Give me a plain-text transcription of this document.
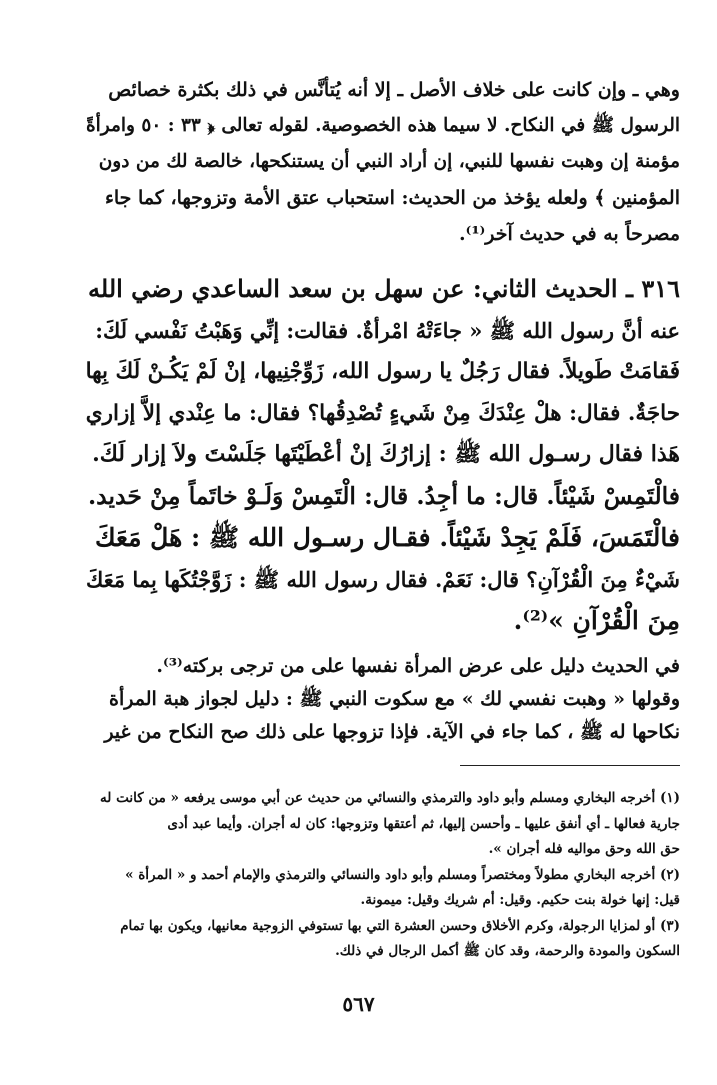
وهي ـ وإن كانت على خلاف الأصل ـ إلا أنه يُتأنَّس في ذلك بكثرة خصائص
الرسول ﷺ في النكاح. لا سيما هذه الخصوصية. لقوله تعالى ﴿ ٣٣ : ٥٠ وامرأةً
مؤمنة إن وهبت نفسها للنبي، إن أراد النبي أن يستنكحها، خالصة لك من دون
المؤمنين ﴾ ولعله يؤخذ من الحديث: استحباب عتق الأمة وتزوجها، كما جاء
مصرحاً به في حديث آخر⁽¹⁾.
٣١٦ ـ الحديث الثاني: عن سهل بن سعد الساعدي رضي الله
عنه أنَّ رسول الله ﷺ « جاءَتْهُ امْرأةٌ. فقالت: إنِّي وَهَبْتُ نَفْسي لَكَ:
فَقامَتْ طَويلاً. فقال رَجُلٌ يا رسول الله، زَوِّجْنِيها، إنْ لَمْ يَكُـنْ لَكَ بِها
حاجَةٌ. فقال: هلْ عِنْدَكَ مِنْ شَيءٍ تُصْدِقُها؟ فقال: ما عِنْدي إلاَّ إزاري
هَذا فقال رسـول الله ﷺ : إزارُكَ إنْ أعْطَيْتَها جَلَسْتَ ولاَ إزار لَكَ.
فالْتَمِسْ شَيْئاً. قال: ما أجِدُ. قال: الْتَمِسْ وَلَـوْ خاتَماً مِنْ حَديد.
فالْتَمَسَ، فَلَمْ يَجِدْ شَيْئاً. فقـال رسـول الله ﷺ : هَلْ مَعَكَ
شَيْءٌ مِنَ الْقُرْآنِ؟ قال: نَعَمْ. فقال رسول الله ﷺ : زَوَّجْتُكَها بِما مَعَكَ
مِنَ الْقُرْآنِ »⁽²⁾.
في الحديث دليل على عرض المرأة نفسها على من ترجى بركته⁽³⁾.
وقولها « وهبت نفسي لك » مع سكوت النبي ﷺ : دليل لجواز هبة المرأة
نكاحها له ﷺ ، كما جاء في الآية. فإذا تزوجها على ذلك صح النكاح من غير
(١) أخرجه البخاري ومسلم وأبو داود والترمذي والنسائي من حديث عن أبي موسى يرفعه « من كانت له
جارية فعالها ـ أي أنفق عليها ـ وأحسن إليها، ثم أعتقها وتزوجها: كان له أجران. وأيما عبد أدى
حق الله وحق مواليه فله أجران ».
(٢) أخرجه البخاري مطولاً ومختصراً ومسلم وأبو داود والنسائي والترمذي والإمام أحمد و « المرأة »
قيل: إنها خولة بنت حكيم. وقيل: أم شريك وقيل: ميمونة.
(٣) أو لمزايا الرجولة، وكرم الأخلاق وحسن العشرة التي بها تستوفي الزوجية معانيها، ويكون بها تمام
السكون والمودة والرحمة، وقد كان ﷺ أكمل الرجال في ذلك.
٥٦٧
